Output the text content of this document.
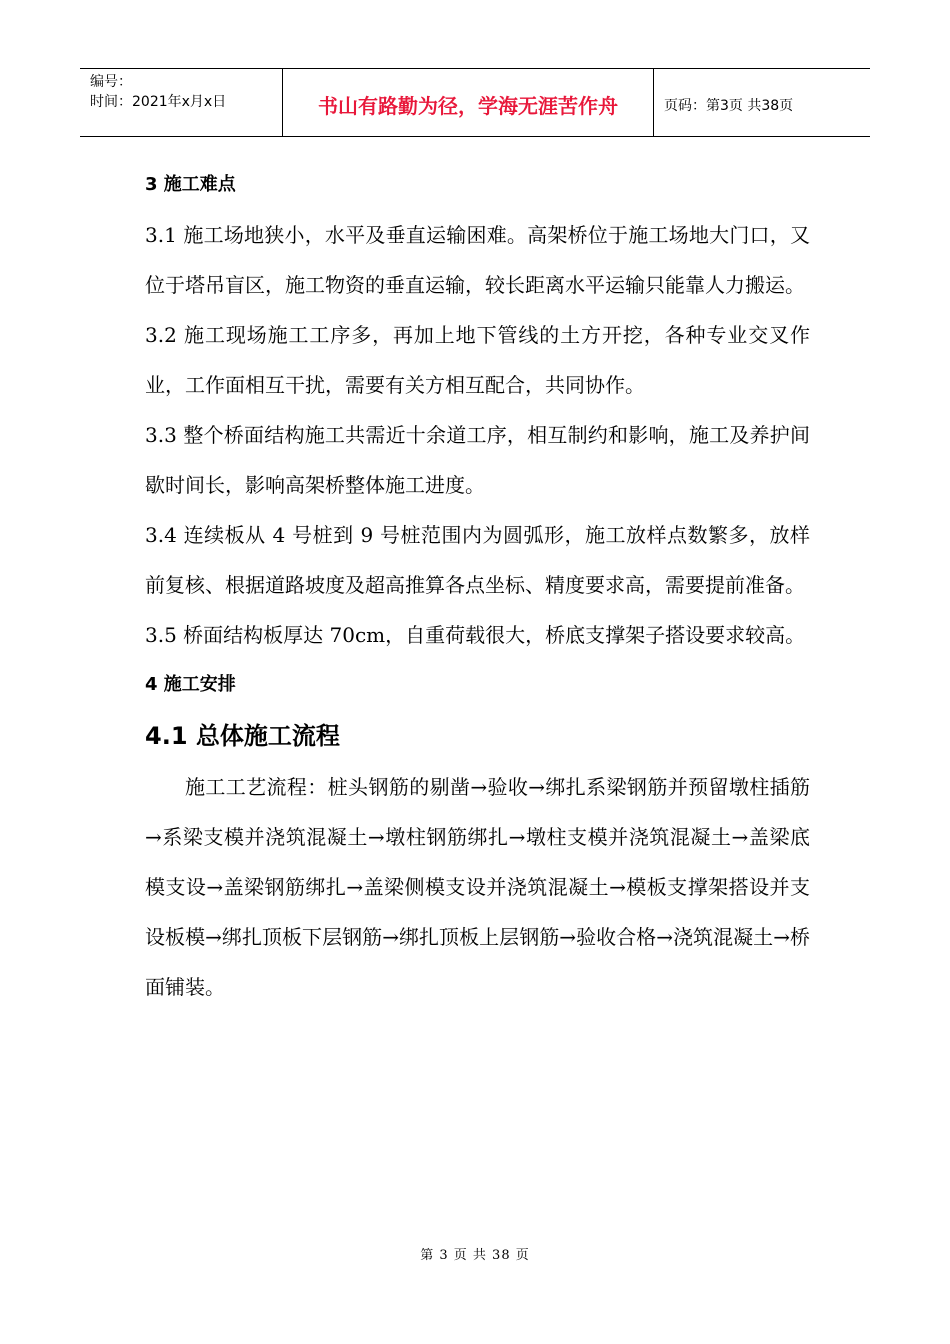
编号：
时间：2021年x月x日	书山有路勤为径，学海无涯苦作舟	页码：第3页 共38页
3 施工难点

3.1 施工场地狭小，水平及垂直运输困难。高架桥位于施工场地大门口，又位于塔吊盲区，施工物资的垂直运输，较长距离水平运输只能靠人力搬运。

3.2 施工现场施工工序多，再加上地下管线的土方开挖，各种专业交叉作业，工作面相互干扰，需要有关方相互配合，共同协作。

3.3 整个桥面结构施工共需近十余道工序，相互制约和影响，施工及养护间歇时间长，影响高架桥整体施工进度。

3.4 连续板从 4 号桩到 9 号桩范围内为圆弧形，施工放样点数繁多，放样前复核、根据道路坡度及超高推算各点坐标、精度要求高，需要提前准备。

3.5 桥面结构板厚达 70cm，自重荷载很大，桥底支撑架子搭设要求较高。

4 施工安排
4.1 总体施工流程

施工工艺流程：桩头钢筋的剔凿→验收→绑扎系梁钢筋并预留墩柱插筋→系梁支模并浇筑混凝土→墩柱钢筋绑扎→墩柱支模并浇筑混凝土→盖梁底模支设→盖梁钢筋绑扎→盖梁侧模支设并浇筑混凝土→模板支撑架搭设并支设板模→绑扎顶板下层钢筋→绑扎顶板上层钢筋→验收合格→浇筑混凝土→桥面铺装。

第 3 页 共 38 页
